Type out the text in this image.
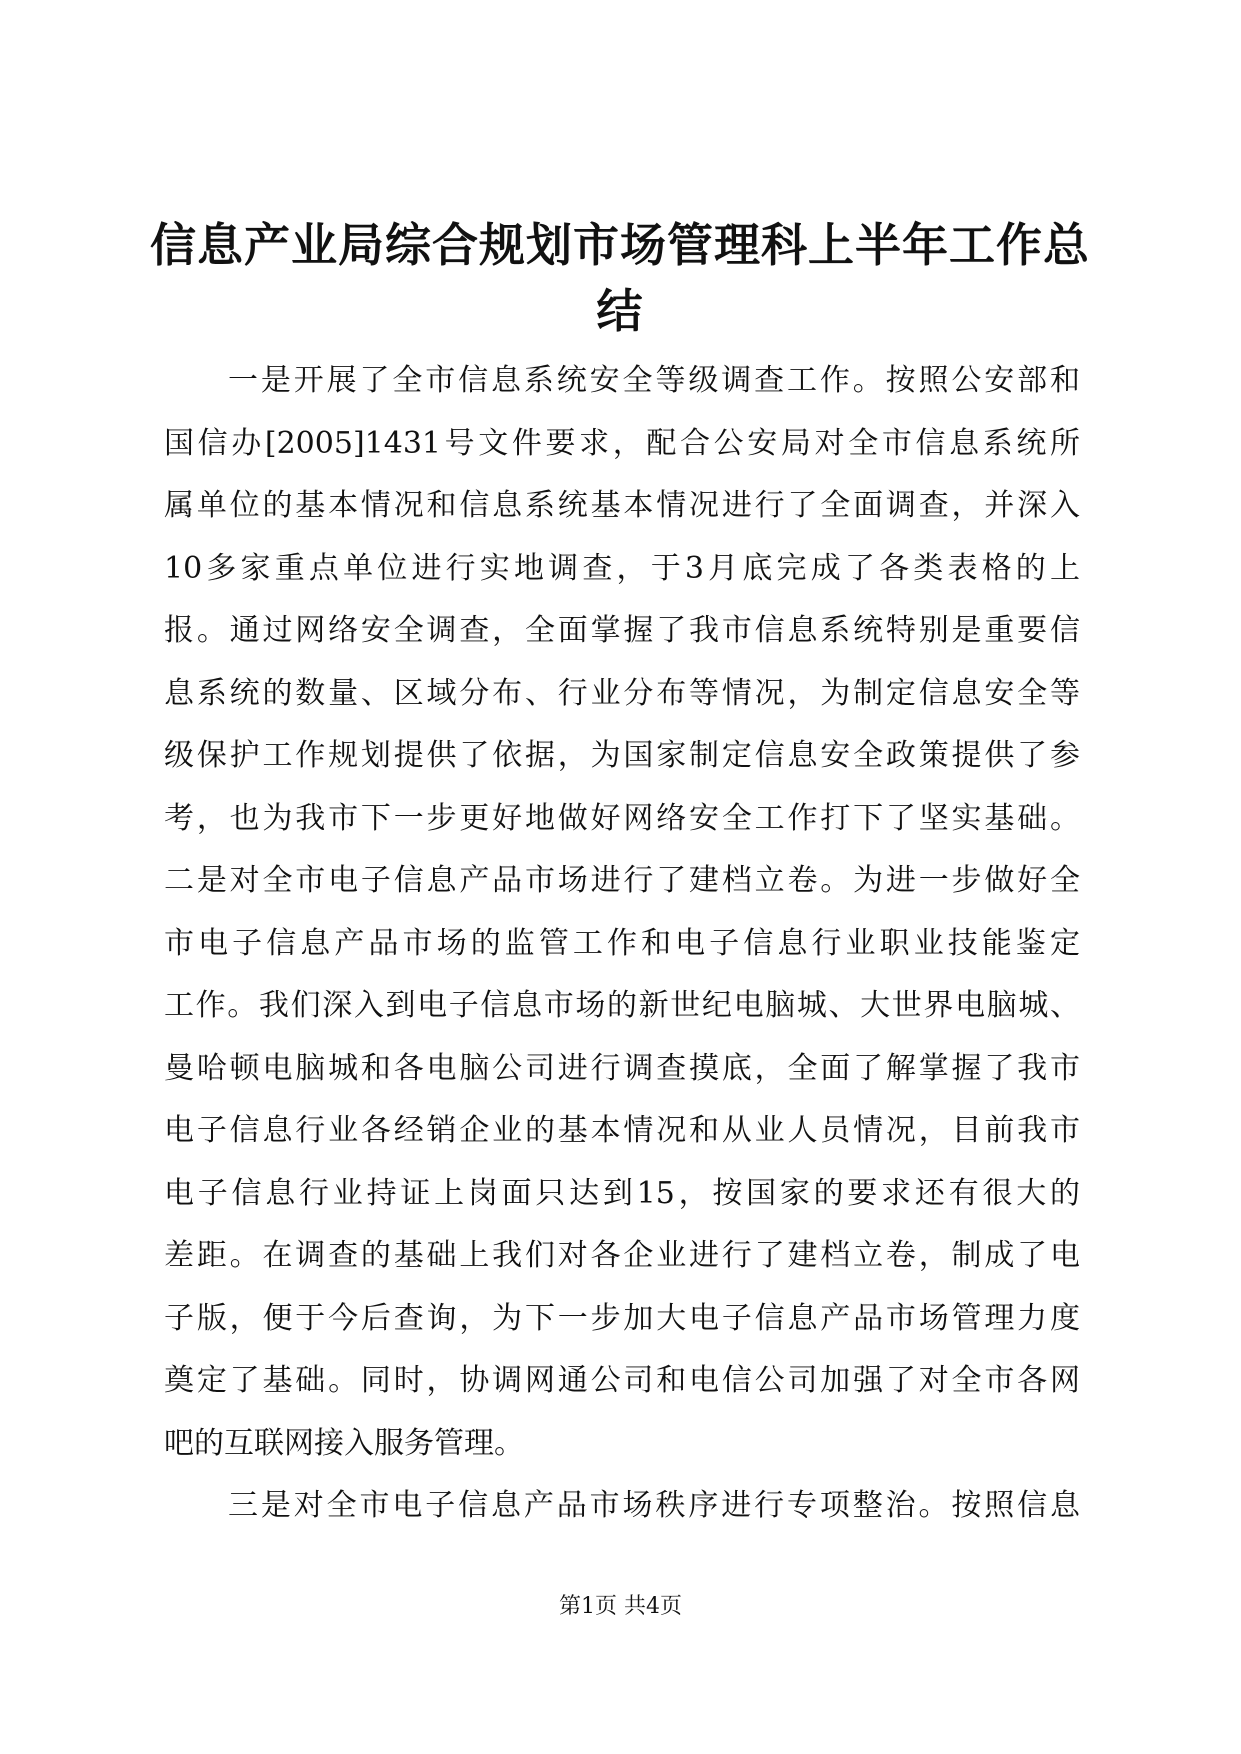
信息产业局综合规划市场管理科上半年工作总
结

一是开展了全市信息系统安全等级调查工作。按照公安部和
国信办[2005]1431号文件要求，配合公安局对全市信息系统所
属单位的基本情况和信息系统基本情况进行了全面调查，并深入
10多家重点单位进行实地调查，于3月底完成了各类表格的上
报。通过网络安全调查，全面掌握了我市信息系统特别是重要信
息系统的数量、区域分布、行业分布等情况，为制定信息安全等
级保护工作规划提供了依据，为国家制定信息安全政策提供了参
考，也为我市下一步更好地做好网络安全工作打下了坚实基础。
二是对全市电子信息产品市场进行了建档立卷。为进一步做好全
市电子信息产品市场的监管工作和电子信息行业职业技能鉴定
工作。我们深入到电子信息市场的新世纪电脑城、大世界电脑城、
曼哈顿电脑城和各电脑公司进行调查摸底，全面了解掌握了我市
电子信息行业各经销企业的基本情况和从业人员情况，目前我市
电子信息行业持证上岗面只达到15，按国家的要求还有很大的
差距。在调查的基础上我们对各企业进行了建档立卷，制成了电
子版，便于今后查询，为下一步加大电子信息产品市场管理力度
奠定了基础。同时，协调网通公司和电信公司加强了对全市各网
吧的互联网接入服务管理。

三是对全市电子信息产品市场秩序进行专项整治。按照信息

第1页 共4页
